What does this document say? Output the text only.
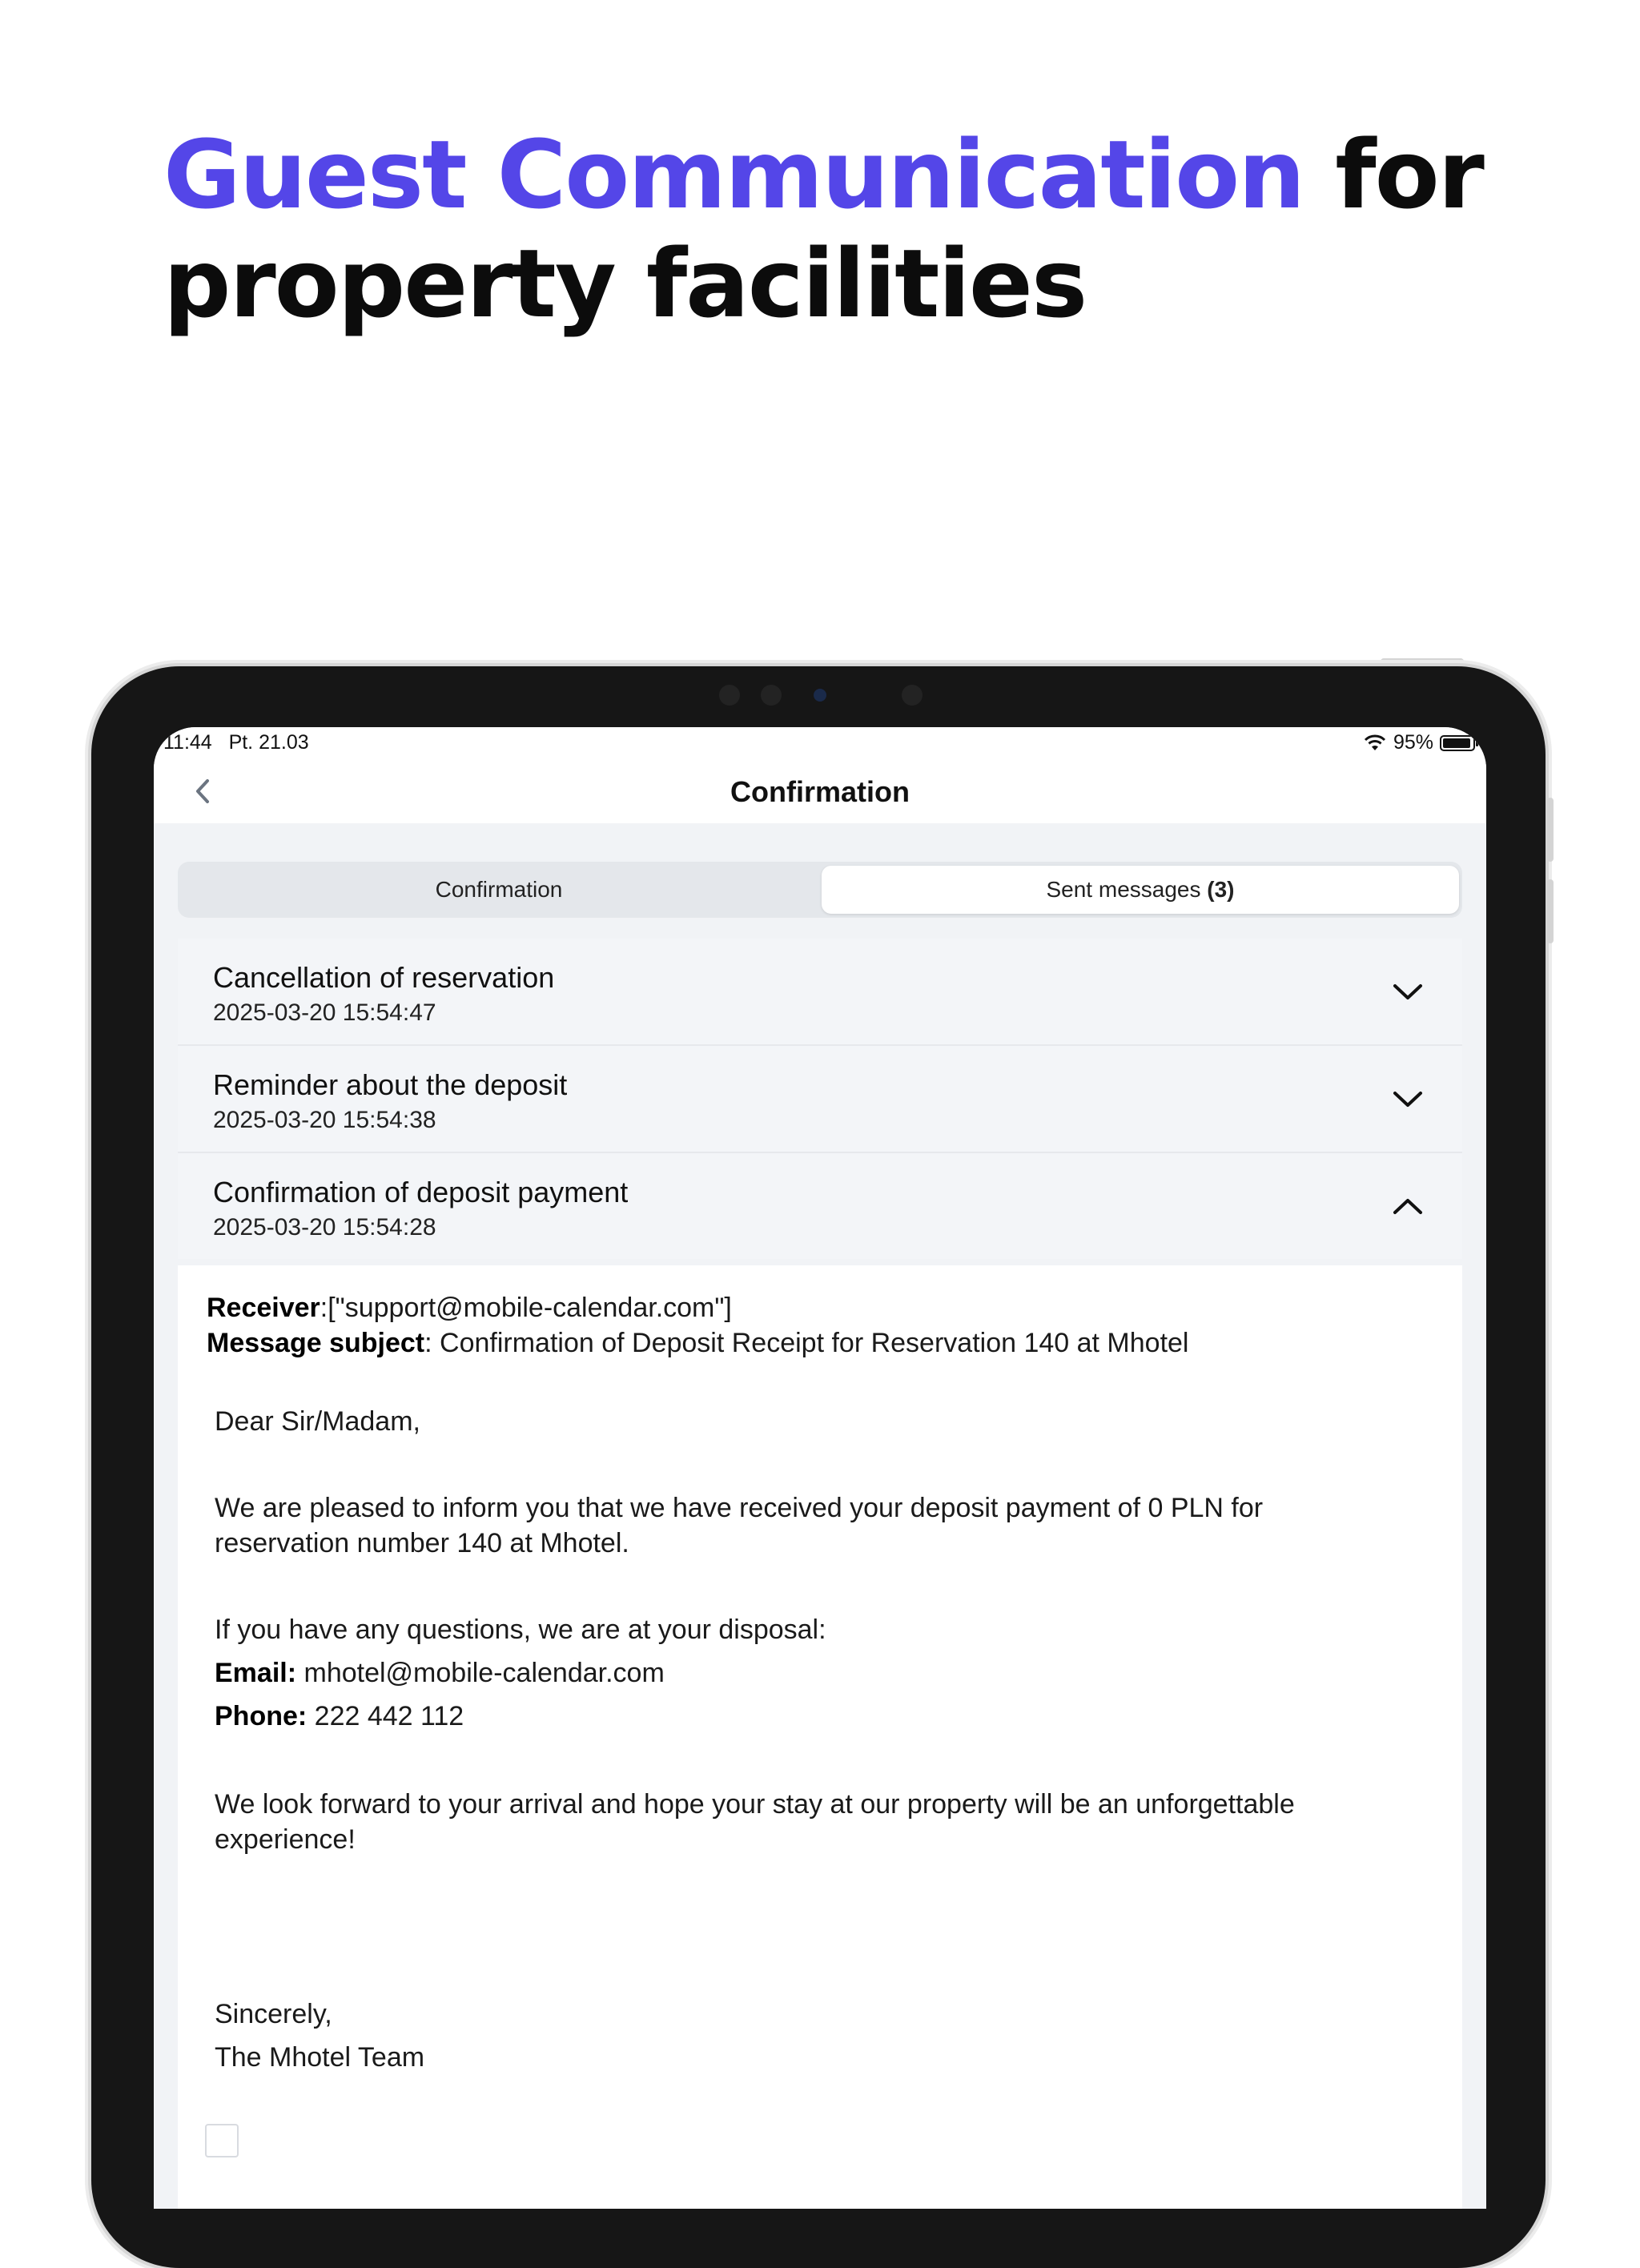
Guest Communication for
property facilities
11:44 Pt. 21.03	95%
Confirmation
Confirmation	Sent messages (3)
Cancellation of reservation
2025-03-20 15:54:47
Reminder about the deposit
2025-03-20 15:54:38
Confirmation of deposit payment
2025-03-20 15:54:28
Receiver:["support@mobile-calendar.com"]
Message subject: Confirmation of Deposit Receipt for Reservation 140 at Mhotel
Dear Sir/Madam,
We are pleased to inform you that we have received your deposit payment of 0 PLN for
reservation number 140 at Mhotel.
If you have any questions, we are at your disposal:
Email: mhotel@mobile-calendar.com
Phone: 222 442 112
We look forward to your arrival and hope your stay at our property will be an unforgettable
experience!
Sincerely,
The Mhotel Team
